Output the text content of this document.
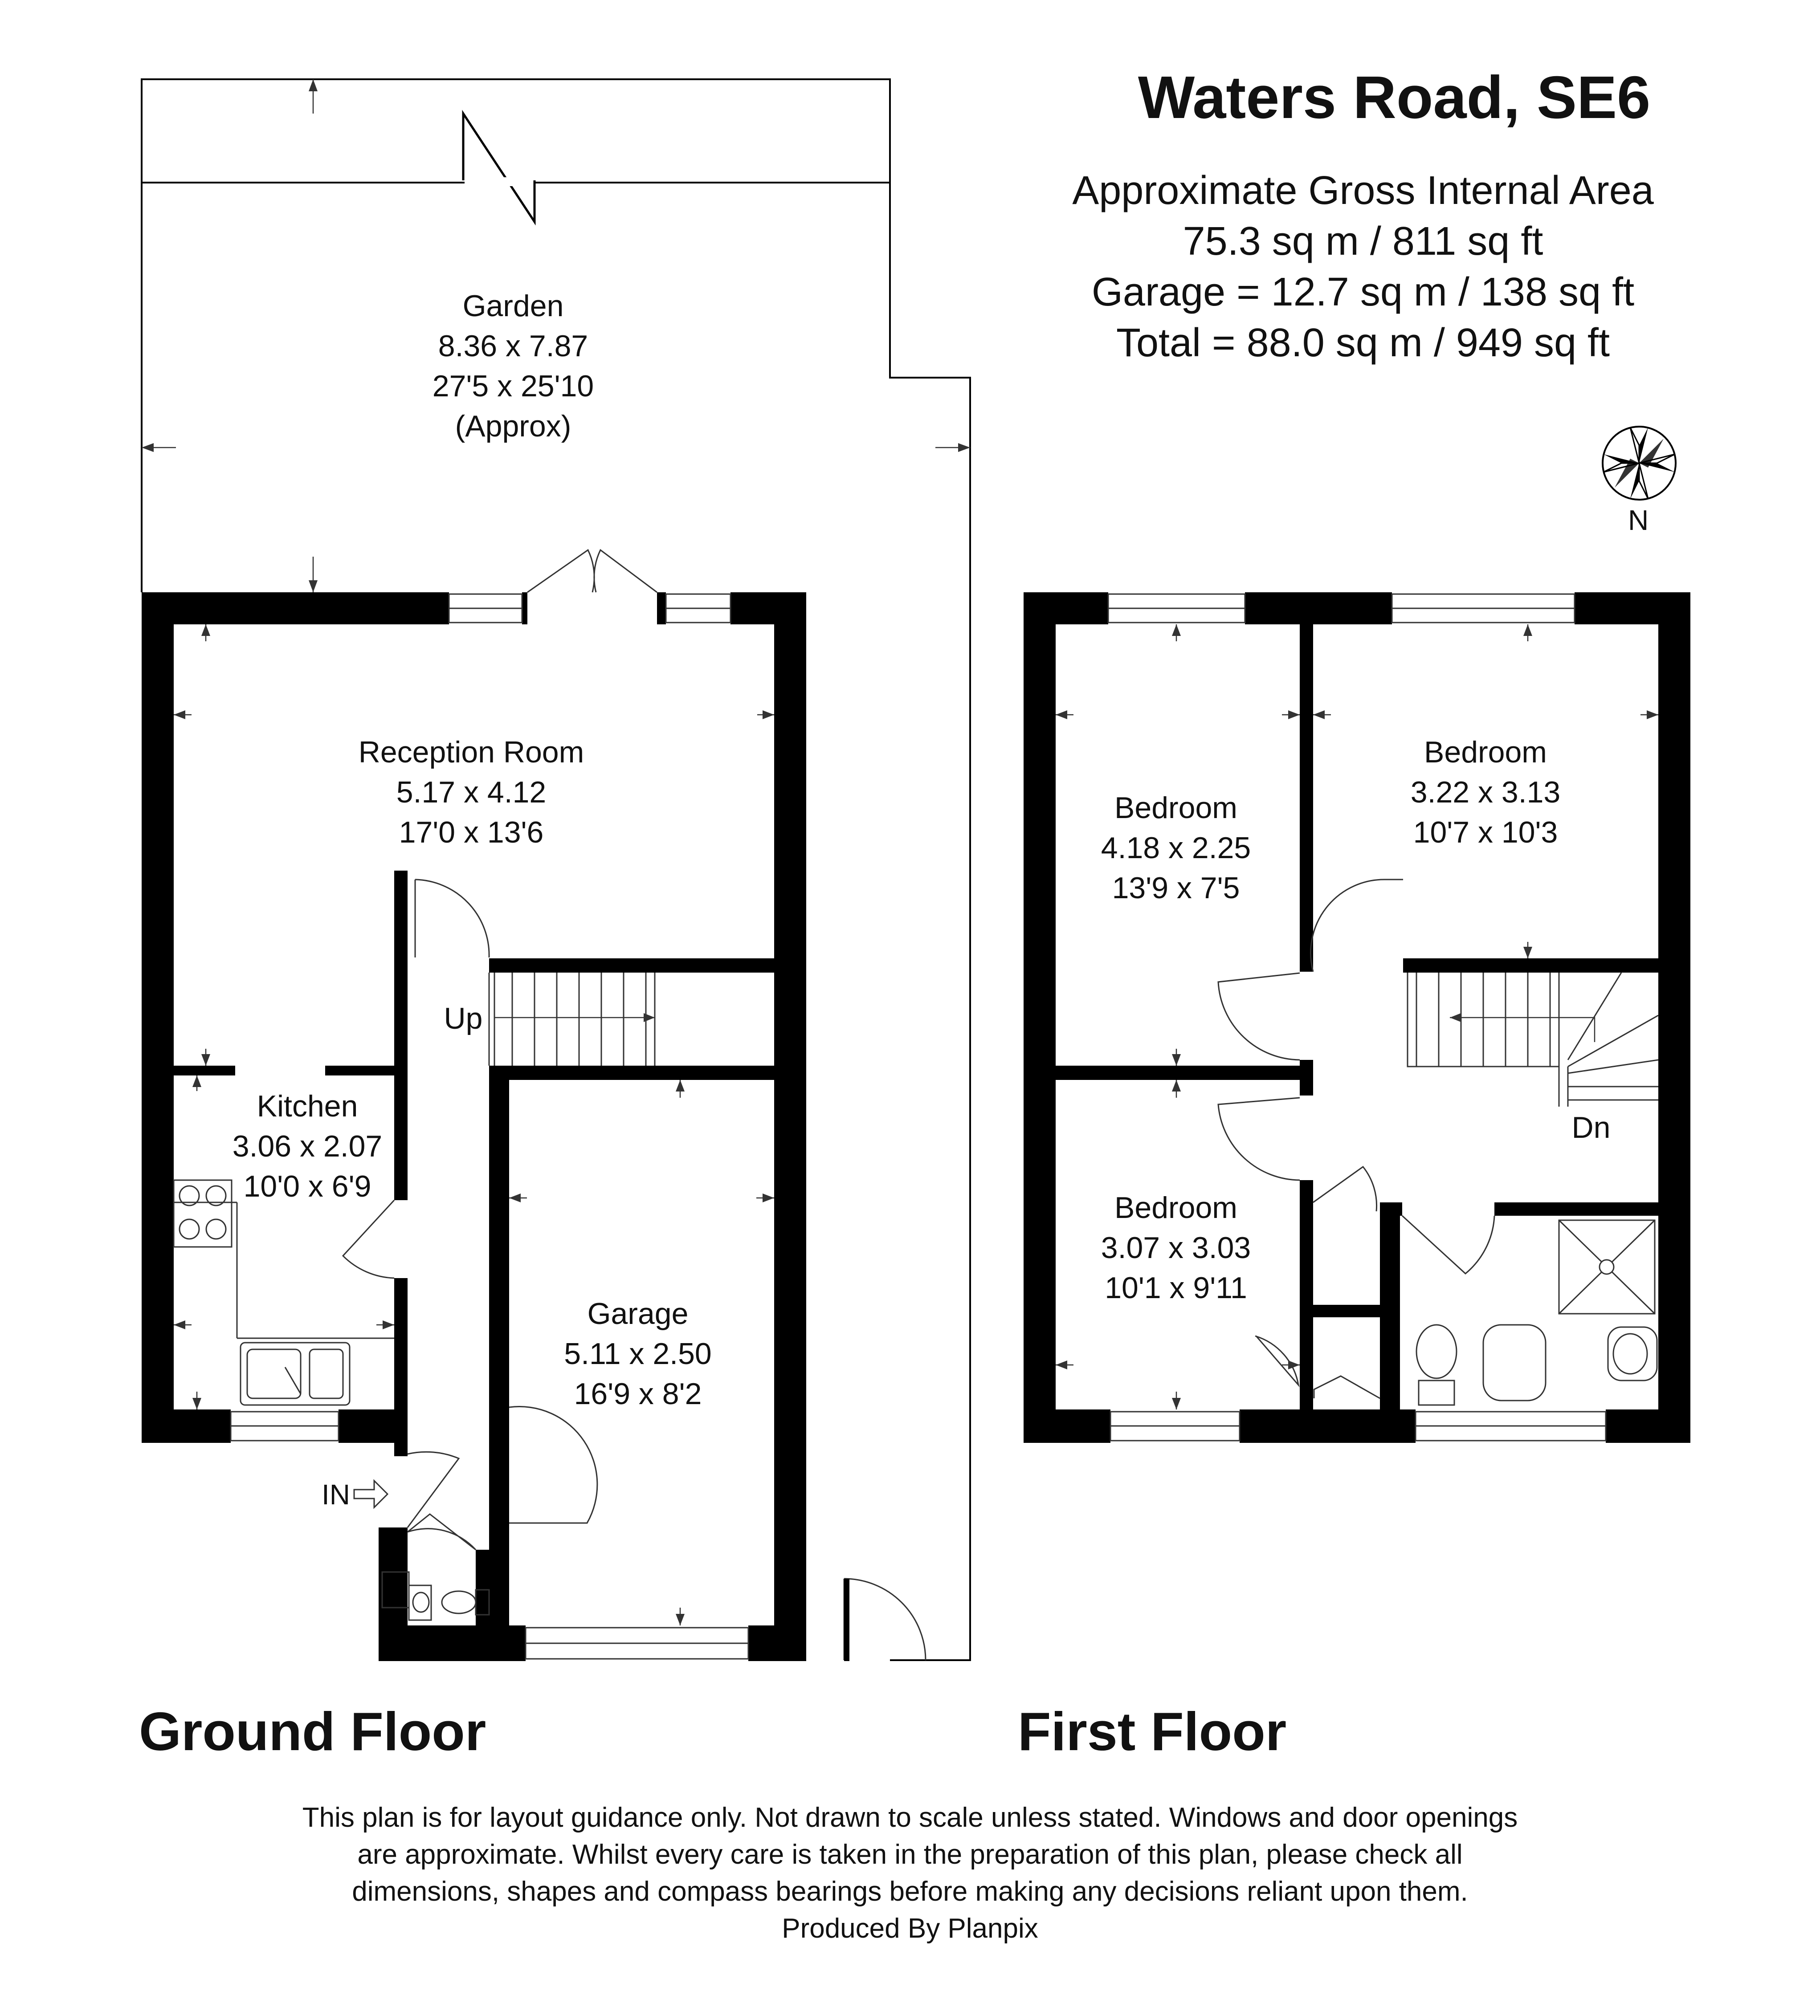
Waters Road, SE6
Approximate Gross Internal Area
75.3 sq m / 811 sq ft
Garage = 12.7 sq m / 138 sq ft
Total = 88.0 sq m / 949 sq ft
N
Up
IN
Garden
8.36 x 7.87
27'5 x 25'10
(Approx)
Reception Room
5.17 x 4.12
17'0 x 13'6
Kitchen
3.06 x 2.07
10'0 x 6'9
Garage
5.11 x 2.50
16'9 x 8'2
Ground Floor
Dn
Bedroom
4.18 x 2.25
13'9 x 7'5
Bedroom
3.22 x 3.13
10'7 x 10'3
Bedroom
3.07 x 3.03
10'1 x 9'11
First Floor
This plan is for layout guidance only. Not drawn to scale unless stated. Windows and door openings
are approximate. Whilst every care is taken in the preparation of this plan, please check all
dimensions, shapes and compass bearings before making any decisions reliant upon them.
Produced By Planpix
